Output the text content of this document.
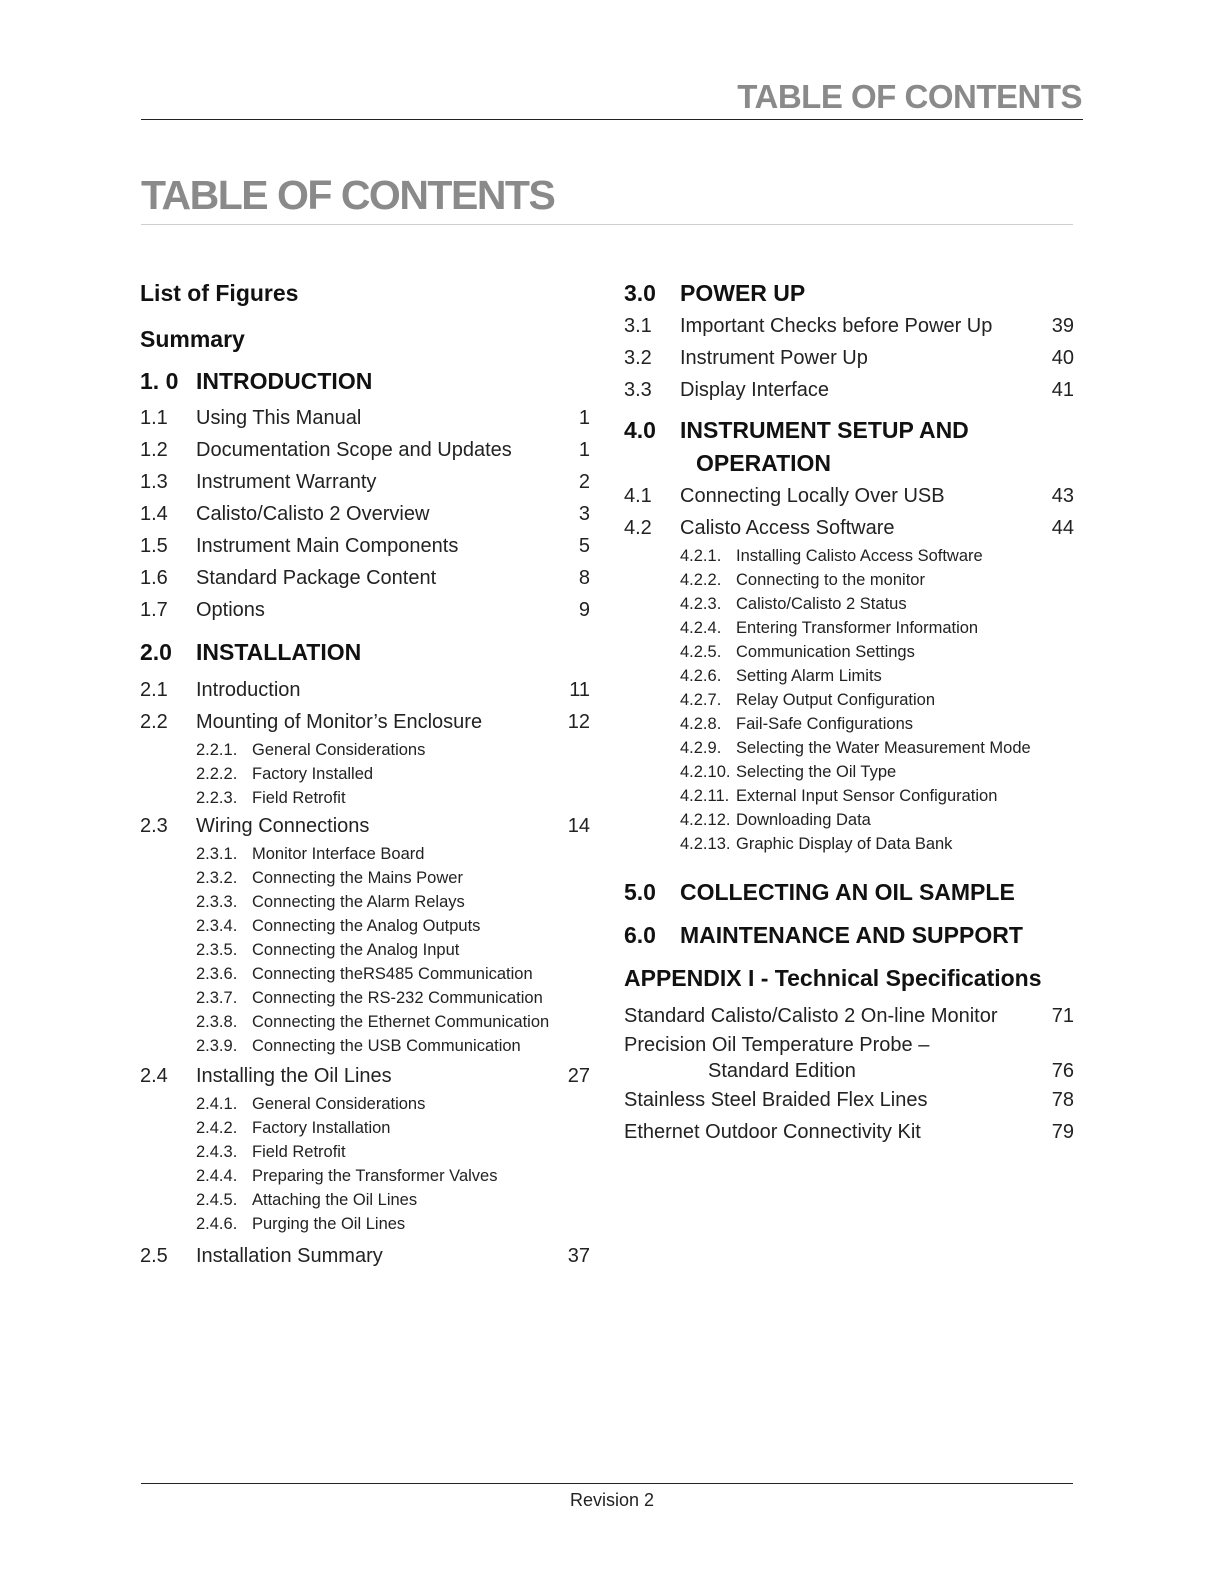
TABLE OF CONTENTS
TABLE OF CONTENTS
List of Figures
Summary
1. 0 INTRODUCTION
1.1	Using This Manual	1
1.2	Documentation Scope and Updates	1
1.3	Instrument Warranty	2
1.4	Calisto/Calisto 2 Overview	3
1.5	Instrument Main Components	5
1.6	Standard Package Content	8
1.7	Options	9
2.0	INSTALLATION
2.1	Introduction	11
2.2	Mounting of Monitor’s Enclosure	12
2.2.1. General Considerations
2.2.2. Factory Installed
2.2.3. Field Retrofit
2.3	Wiring Connections	14
2.3.1. Monitor Interface Board
2.3.2. Connecting the Mains Power
2.3.3. Connecting the Alarm Relays
2.3.4. Connecting the Analog Outputs
2.3.5. Connecting the Analog Input
2.3.6. Connecting theRS485 Communication
2.3.7. Connecting the RS-232 Communication
2.3.8. Connecting the Ethernet Communication
2.3.9. Connecting the USB Communication
2.4	Installing the Oil Lines	27
2.4.1. General Considerations
2.4.2. Factory Installation
2.4.3. Field Retrofit
2.4.4. Preparing the Transformer Valves
2.4.5. Attaching the Oil Lines
2.4.6. Purging the Oil Lines
2.5	Installation Summary	37
3.0	POWER UP
3.1	Important Checks before Power Up	39
3.2	Instrument Power Up	40
3.3	Display Interface	41
4.0	INSTRUMENT SETUP AND
OPERATION
4.1	Connecting Locally Over USB	43
4.2	Calisto Access Software	44
4.2.1. Installing Calisto Access Software
4.2.2. Connecting to the monitor
4.2.3. Calisto/Calisto 2 Status
4.2.4. Entering Transformer Information
4.2.5. Communication Settings
4.2.6. Setting Alarm Limits
4.2.7. Relay Output Configuration
4.2.8. Fail-Safe Configurations
4.2.9. Selecting the Water Measurement Mode
4.2.10. Selecting the Oil Type
4.2.11. External Input Sensor Configuration
4.2.12. Downloading Data
4.2.13. Graphic Display of Data Bank
5.0	COLLECTING AN OIL SAMPLE
6.0	MAINTENANCE AND SUPPORT
APPENDIX I - Technical Specifications
Standard Calisto/Calisto 2 On-line Monitor	71
Precision Oil Temperature Probe –
Standard Edition	76
Stainless Steel Braided Flex Lines	78
Ethernet Outdoor Connectivity Kit	79
Revision 2
